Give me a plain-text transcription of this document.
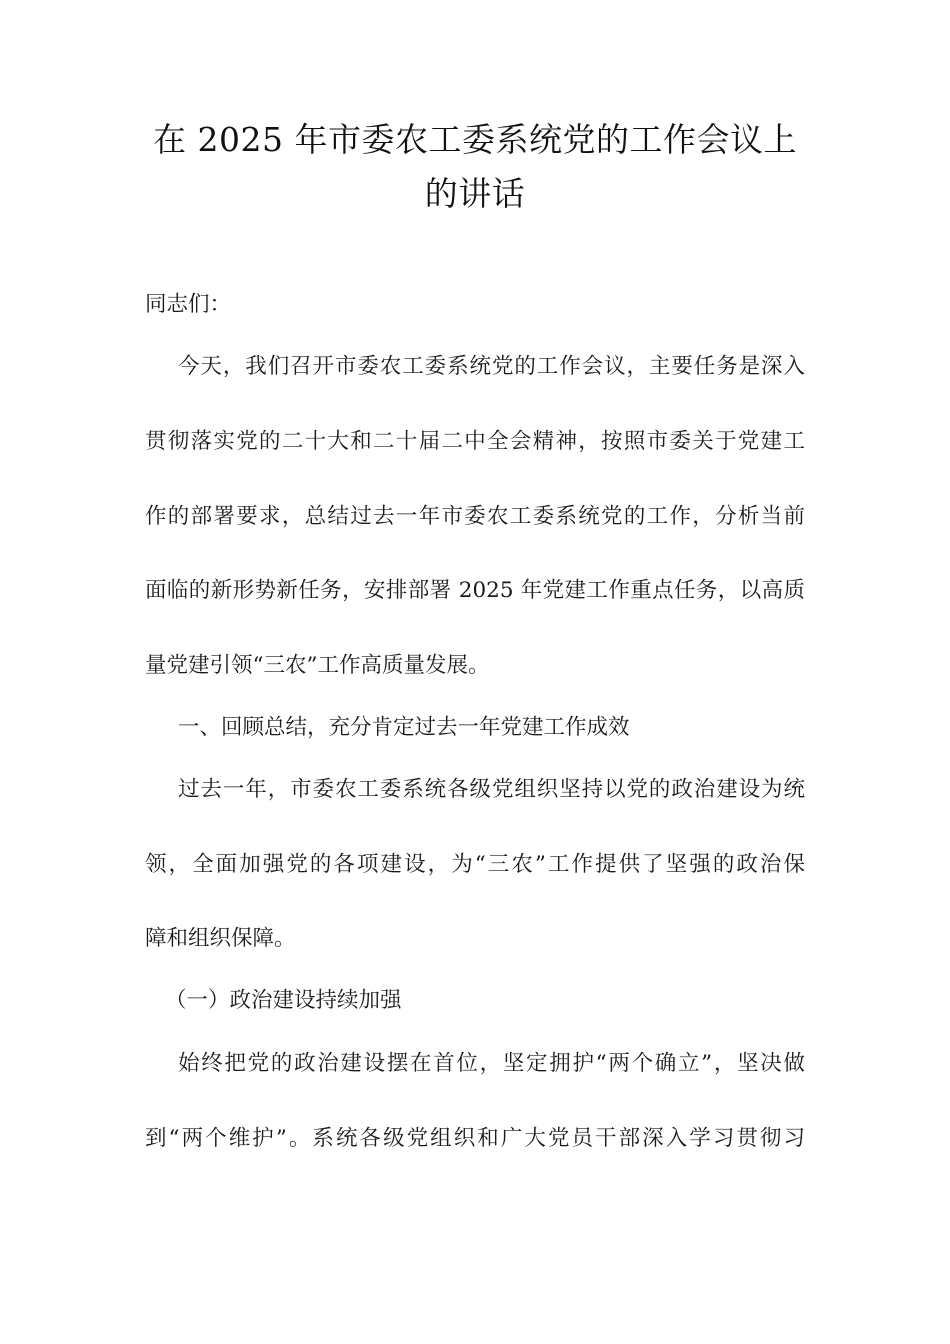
在 2025 年市委农工委系统党的工作会议上
的讲话
同志们：
今天，我们召开市委农工委系统党的工作会议，主要任务是深入
贯彻落实党的二十大和二十届二中全会精神，按照市委关于党建工
作的部署要求，总结过去一年市委农工委系统党的工作，分析当前
面临的新形势新任务，安排部署 2025 年党建工作重点任务，以高质
量党建引领“三农”工作高质量发展。
一、回顾总结，充分肯定过去一年党建工作成效
过去一年，市委农工委系统各级党组织坚持以党的政治建设为统
领，全面加强党的各项建设，为“三农”工作提供了坚强的政治保
障和组织保障。
（一）政治建设持续加强
始终把党的政治建设摆在首位，坚定拥护“两个确立”，坚决做
到“两个维护”。系统各级党组织和广大党员干部深入学习贯彻习
